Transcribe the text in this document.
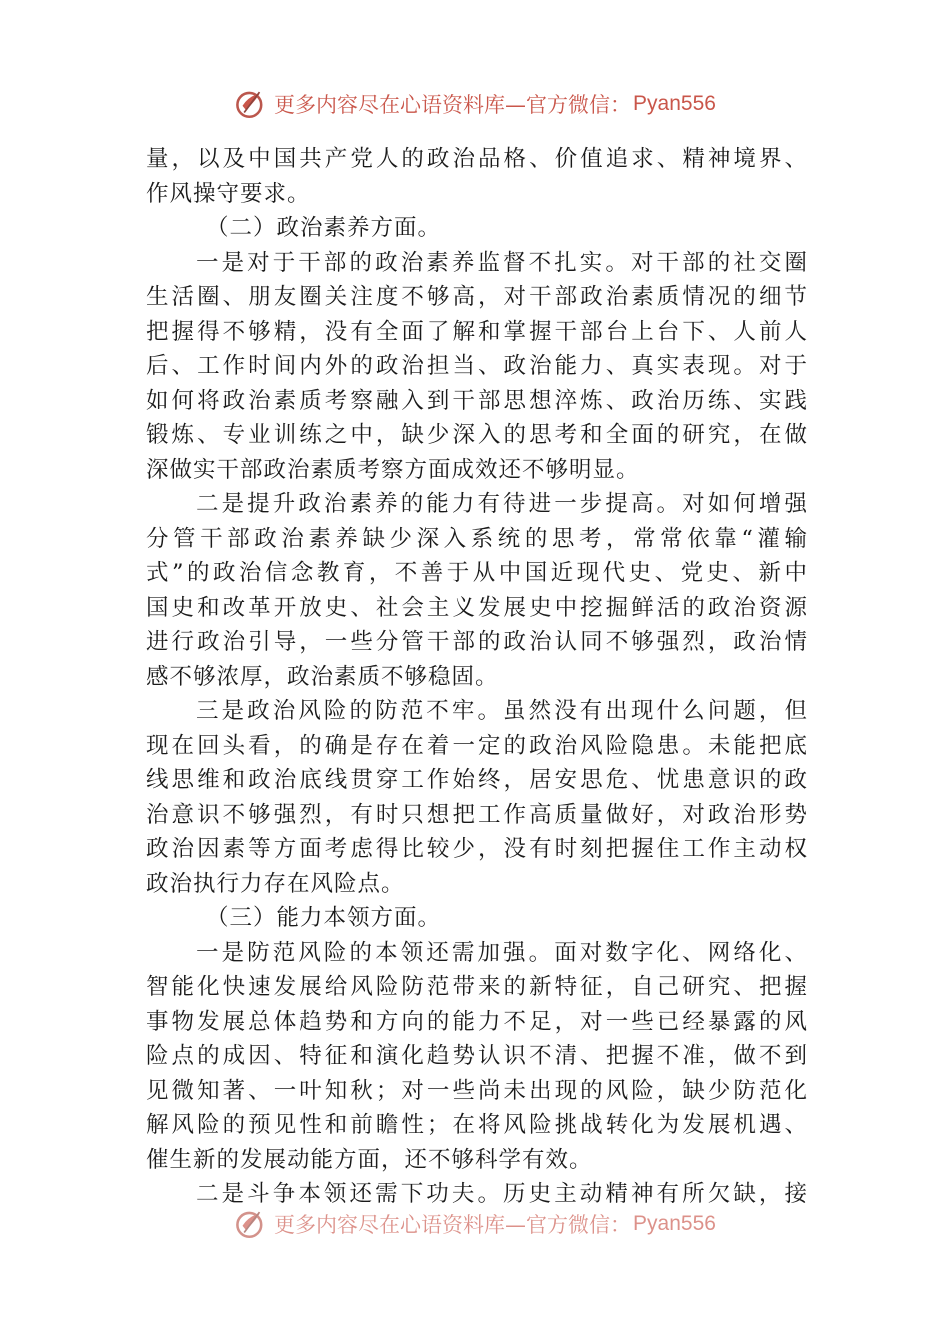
更多内容尽在心语资料库—官方微信： Pyan556
量，以及中国共产党人的政治品格、价值追求、精神境界、
作风操守要求。
（二）政治素养方面。
一是对于干部的政治素养监督不扎实。对干部的社交圈
生活圈、朋友圈关注度不够高，对干部政治素质情况的细节
把握得不够精，没有全面了解和掌握干部台上台下、人前人
后、工作时间内外的政治担当、政治能力、真实表现。对于
如何将政治素质考察融入到干部思想淬炼、政治历练、实践
锻炼、专业训练之中，缺少深入的思考和全面的研究，在做
深做实干部政治素质考察方面成效还不够明显。
二是提升政治素养的能力有待进一步提高。对如何增强
分管干部政治素养缺少深入系统的思考，常常依靠“灌输
式”的政治信念教育，不善于从中国近现代史、党史、新中
国史和改革开放史、社会主义发展史中挖掘鲜活的政治资源
进行政治引导，一些分管干部的政治认同不够强烈，政治情
感不够浓厚，政治素质不够稳固。
三是政治风险的防范不牢。虽然没有出现什么问题，但
现在回头看，的确是存在着一定的政治风险隐患。未能把底
线思维和政治底线贯穿工作始终，居安思危、忧患意识的政
治意识不够强烈，有时只想把工作高质量做好，对政治形势
政治因素等方面考虑得比较少，没有时刻把握住工作主动权
政治执行力存在风险点。
（三）能力本领方面。
一是防范风险的本领还需加强。面对数字化、网络化、
智能化快速发展给风险防范带来的新特征，自己研究、把握
事物发展总体趋势和方向的能力不足，对一些已经暴露的风
险点的成因、特征和演化趋势认识不清、把握不准，做不到
见微知著、一叶知秋；对一些尚未出现的风险，缺少防范化
解风险的预见性和前瞻性；在将风险挑战转化为发展机遇、
催生新的发展动能方面，还不够科学有效。
二是斗争本领还需下功夫。历史主动精神有所欠缺，接
更多内容尽在心语资料库—官方微信： Pyan556
